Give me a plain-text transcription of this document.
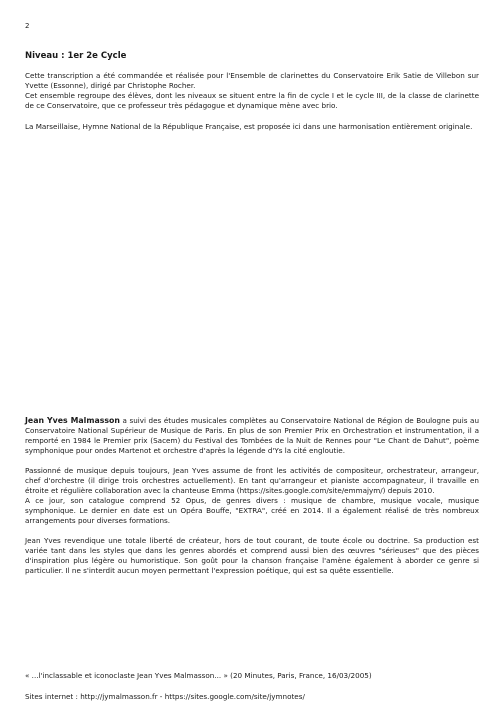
2
Niveau : 1er 2e Cycle

Cette transcription a été commandée et réalisée pour l'Ensemble de clarinettes du Conservatoire Erik Satie de Villebon sur Yvette (Essonne), dirigé par Christophe Rocher.

Cet ensemble regroupe des élèves, dont les niveaux se situent entre la fin de cycle I et le cycle III, de la classe de clarinette de ce Conservatoire, que ce professeur très pédagogue et dynamique mène avec brio.

La Marseillaise, Hymne National de la République Française, est proposée ici dans une harmonisation entièrement originale.

Jean Yves Malmasson a suivi des études musicales complètes au Conservatoire National de Région de Boulogne puis au Conservatoire National Supérieur de Musique de Paris. En plus de son Premier Prix en Orchestration et instrumentation, il a remporté en 1984 le Premier prix (Sacem) du Festival des Tombées de la Nuit de Rennes pour "Le Chant de Dahut", poème symphonique pour ondes Martenot et orchestre d'après la légende d'Ys la cité engloutie.

Passionné de musique depuis toujours, Jean Yves assume de front les activités de compositeur, orchestrateur, arrangeur, chef d'orchestre (il dirige trois orchestres actuellement). En tant qu'arrangeur et pianiste accompagnateur, il travaille en étroite et régulière collaboration avec la chanteuse Emma (https://sites.google.com/site/emmajym/) depuis 2010.

A ce jour, son catalogue comprend 52 Opus, de genres divers : musique de chambre, musique vocale, musique symphonique. Le dernier en date est un Opéra Bouffe, "EXTRA", créé en 2014. Il a également réalisé de très nombreux arrangements pour diverses formations.

Jean Yves revendique une totale liberté de créateur, hors de tout courant, de toute école ou doctrine. Sa production est variée tant dans les styles que dans les genres abordés et comprend aussi bien des œuvres "sérieuses" que des pièces d'inspiration plus légère ou humoristique. Son goût pour la chanson française l'amène également à aborder ce genre si particulier. Il ne s'interdit aucun moyen permettant l'expression poétique, qui est sa quête essentielle.

« ...l'inclassable et iconoclaste Jean Yves Malmasson... » (20 Minutes, Paris, France, 16/03/2005)
Sites internet : http://jymalmasson.fr - https://sites.google.com/site/jymnotes/
